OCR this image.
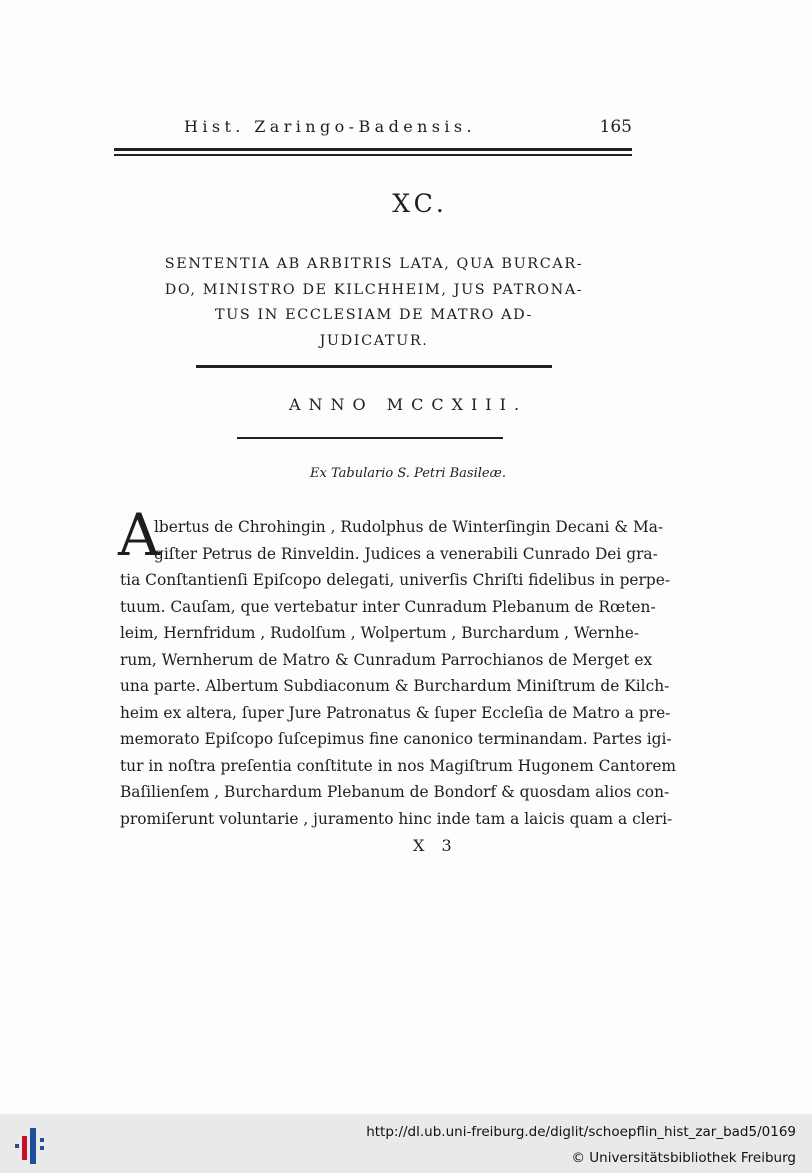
Hist. Zaringo-Badensis.	165
XC.
SENTENTIA AB ARBITRIS LATA, QUA BURCAR-
DO, MINISTRO DE KILCHHEIM, JUS PATRONA-
TUS IN ECCLESIAM DE MATRO AD-
JUDICATUR.
ANNO MCCXIII.
Ex Tabulario S. Petri Basileæ.
A
lbertus de Chrohingin , Rudolphus de Winterſingin Decani & Ma-
giſter Petrus de Rinveldin. Judices a venerabili Cunrado Dei gra-
tia Conſtantienſi Epiſcopo delegati, univerſis Chriſti fidelibus in perpe-
tuum. Cauſam, que vertebatur inter Cunradum Plebanum de Rœten-
leim, Hernfridum , Rudolſum , Wolpertum , Burchardum , Wernhe-
rum, Wernherum de Matro & Cunradum Parrochianos de Merget ex
una parte. Albertum Subdiaconum & Burchardum Miniſtrum de Kilch-
heim ex altera, ſuper Jure Patronatus & ſuper Eccleſia de Matro a pre-
memorato Epiſcopo ſuſcepimus fine canonico terminandam. Partes igi-
tur in noſtra preſentia conſtitute in nos Magiſtrum Hugonem Cantorem
Baſilienſem , Burchardum Plebanum de Bondorf & quosdam alios con-
promiſerunt voluntarie , juramento hinc inde tam a laicis quam a cleri-
X 3
http://dl.ub.uni-freiburg.de/diglit/schoepflin_hist_zar_bad5/0169
© Universitätsbibliothek Freiburg
